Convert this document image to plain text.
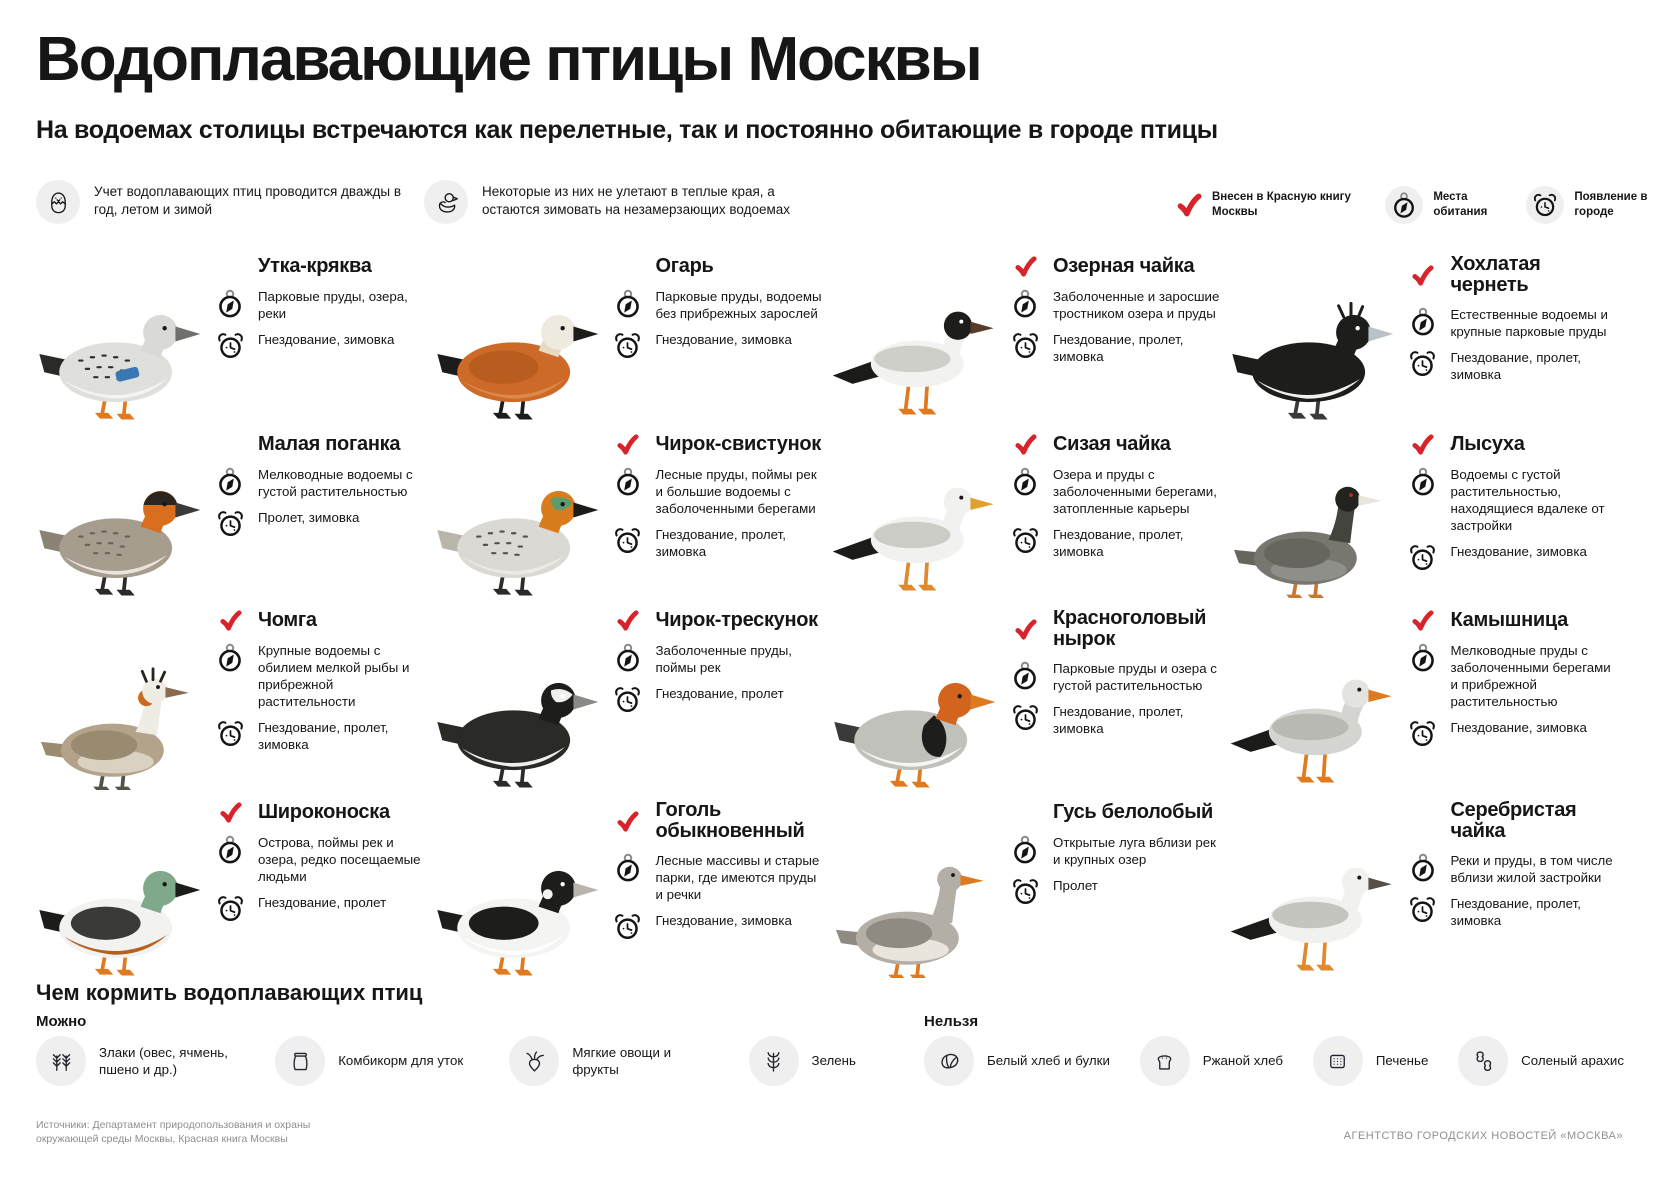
Водоплавающие птицы Москвы
На водоемах столицы встречаются как перелетные, так и постоянно обитающие в городе птицы

Учет водоплавающих птиц проводится дважды в год, летом и зимой

Некоторые из них не улетают в теплые края, а остаются зимовать на незамерзающих водоемах

Внесен в Красную книгу Москвы

Места обитания

Появление в городе

Утка-кряква

Парковые пруды, озера, реки

Гнездование, зимовка

Огарь

Парковые пруды, водоемы без прибрежных зарослей

Гнездование, зимовка

Озерная чайка

Заболоченные и заросшие тростником озера и пруды

Гнездование, пролет, зимовка

Хохлатая чернеть

Естественные водоемы и крупные парковые пруды

Гнездование, пролет, зимовка

Малая поганка

Мелководные водоемы с густой растительностью

Пролет, зимовка

Чирок-свистунок

Лесные пруды, поймы рек и большие водоемы с заболоченными берегами

Гнездование, пролет, зимовка

Сизая чайка

Озера и пруды с заболоченными берегами, затопленные карьеры

Гнездование, пролет, зимовка

Лысуха

Водоемы с густой растительностью, находящиеся вдалеке от застройки

Гнездование, зимовка

Чомга

Крупные водоемы с обилием мелкой рыбы и прибрежной растительности

Гнездование, пролет, зимовка

Чирок-трескунок

Заболоченные пруды, поймы рек

Гнездование, пролет

Красноголовый нырок

Парковые пруды и озера с густой растительностью

Гнездование, пролет, зимовка

Камышница

Мелководные пруды с заболоченными берегами и прибрежной растительностью

Гнездование, зимовка

Широконоска

Острова, поймы рек и озера, редко посещаемые людьми

Гнездование, пролет

Гоголь обыкновенный

Лесные массивы и старые парки, где имеются пруды и речки

Гнездование, зимовка

Гусь белолобый

Открытые луга вблизи рек и крупных озер

Пролет

Серебристая чайка

Реки и пруды, в том числе вблизи жилой застройки

Гнездование, пролет, зимовка

Чем кормить водоплавающих птиц

Можно	Нельзя

Злаки (овес, ячмень, пшено и др.)

Комбикорм для уток

Мягкие овощи и фрукты

Зелень	Белый хлеб и булки	Ржаной хлеб	Печенье	Соленый арахис

Источники: Департамент природопользования и охраны окружающей среды Москвы, Красная книга Москвы	АГЕНТСТВО ГОРОДСКИХ НОВОСТЕЙ «МОСКВА»
